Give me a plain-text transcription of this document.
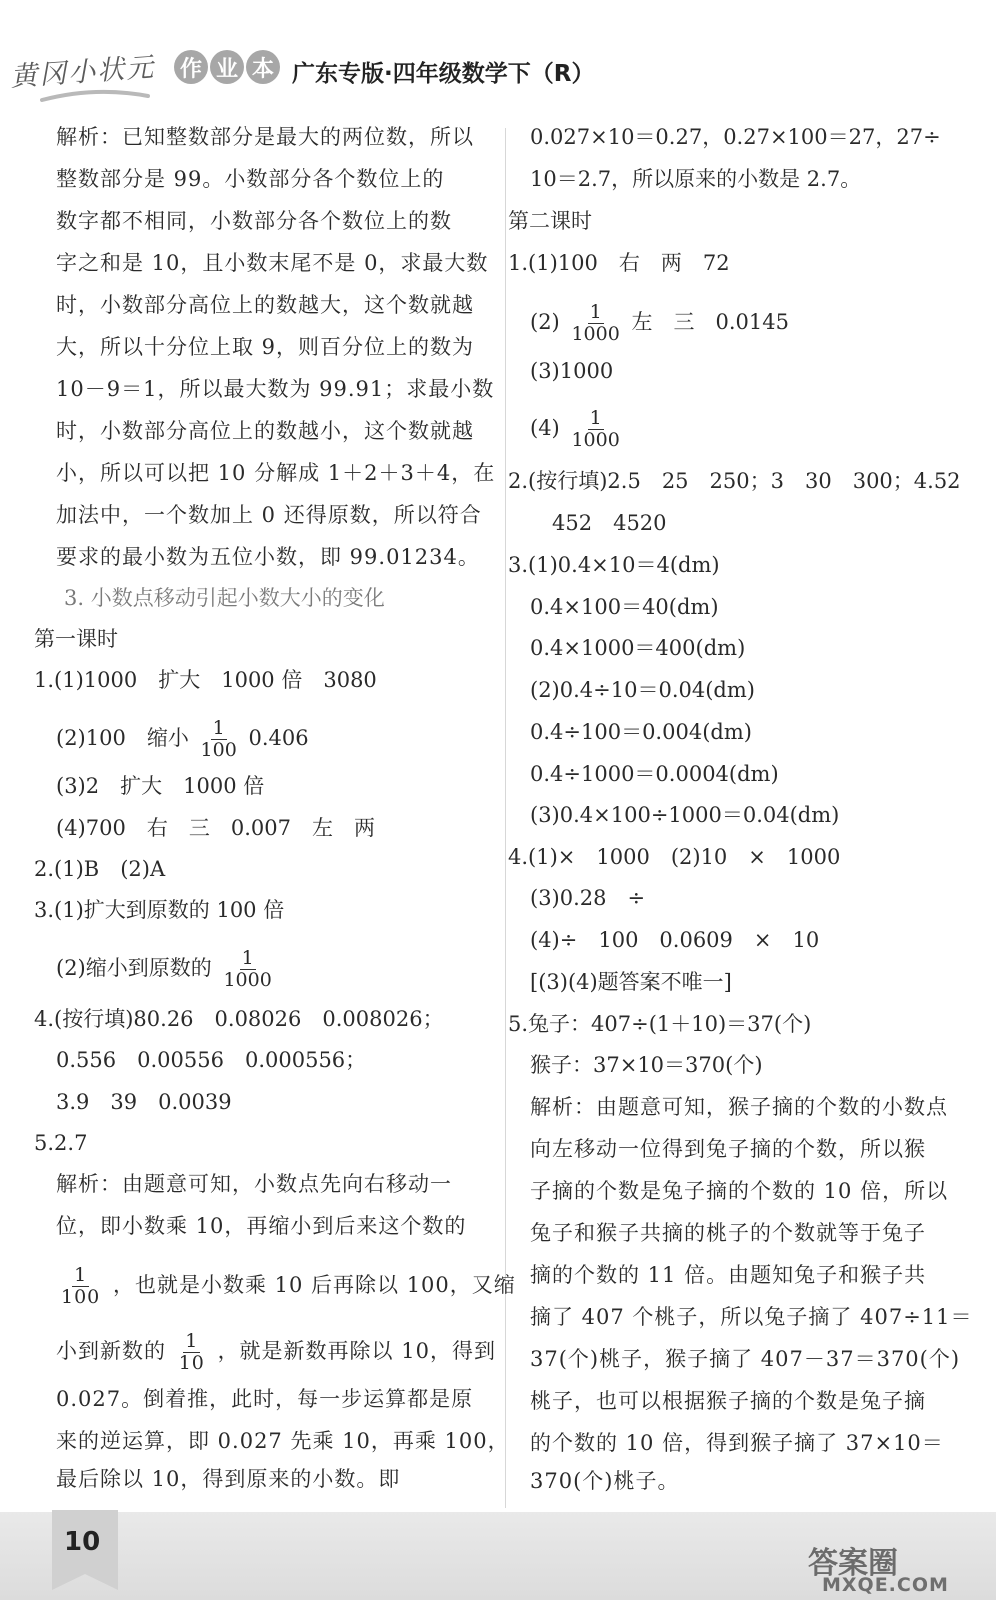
黄冈小状元 作 业 本 广东专版·四年级数学下（R）
解析：已知整数部分是最大的两位数，所以
整数部分是 99。小数部分各个数位上的
数字都不相同，小数部分各个数位上的数
字之和是 10，且小数末尾不是 0，求最大数
时，小数部分高位上的数越大，这个数就越
大，所以十分位上取 9，则百分位上的数为
10－9＝1，所以最大数为 99.91；求最小数
时，小数部分高位上的数越小，这个数就越
小，所以可以把 10 分解成 1＋2＋3＋4，在
加法中，一个数加上 0 还得原数，所以符合
要求的最小数为五位小数，即 99.01234。
3. 小数点移动引起小数大小的变化
第一课时
1.(1)1000　扩大　1000 倍　3080
(2)100　缩小 $\frac{1}{100} 0.406$
(3)2　扩大　1000 倍
(4)700　右　三　0.007　左　两
2.(1)B　(2)A
3.(1)扩大到原数的 100 倍
(2)缩小到原数的 $\frac{1}{1000}$
4.(按行填)80.26　0.08026　0.008026；
0.556　0.00556　0.000556；
3.9　39　0.0039
5.2.7
解析：由题意可知，小数点先向右移动一
位，即小数乘 10，再缩小到后来这个数的
$\frac{1}{100}$ ，也就是小数乘 10 后再除以 100，又缩
小到新数的 $\frac{1}{10}$ ，就是新数再除以 10，得到
0.027。倒着推，此时，每一步运算都是原
来的逆运算，即 0.027 先乘 10，再乘 100，
最后除以 10，得到原来的小数。即
0.027×10＝0.27，0.27×100＝27，27÷
10＝2.7，所以原来的小数是 2.7。
第二课时
1.(1)100　右　两　72
$(2) \frac{1}{1000}$ 左　三　0.0145
(3)1000
$(4) \frac{1}{1000}$
2.(按行填)2.5　25　250；3　30　300；4.52
452　4520
3.(1)0.4×10＝4(dm)
0.4×100＝40(dm)
0.4×1000＝400(dm)
(2)0.4÷10＝0.04(dm)
0.4÷100＝0.004(dm)
0.4÷1000＝0.0004(dm)
(3)0.4×100÷1000＝0.04(dm)
4.(1)×　1000　(2)10　×　1000
(3)0.28　÷
(4)÷　100　0.0609　×　10
[(3)(4)题答案不唯一]
5.兔子：407÷(1＋10)＝37(个)
猴子：37×10＝370(个)
解析：由题意可知，猴子摘的个数的小数点
向左移动一位得到兔子摘的个数，所以猴
子摘的个数是兔子摘的个数的 10 倍，所以
兔子和猴子共摘的桃子的个数就等于兔子
摘的个数的 11 倍。由题知兔子和猴子共
摘了 407 个桃子，所以兔子摘了 407÷11＝
37(个)桃子，猴子摘了 407－37＝370(个)
桃子，也可以根据猴子摘的个数是兔子摘
的个数的 10 倍，得到猴子摘了 37×10＝
370(个)桃子。
10
答案圈
MXQE.COM
